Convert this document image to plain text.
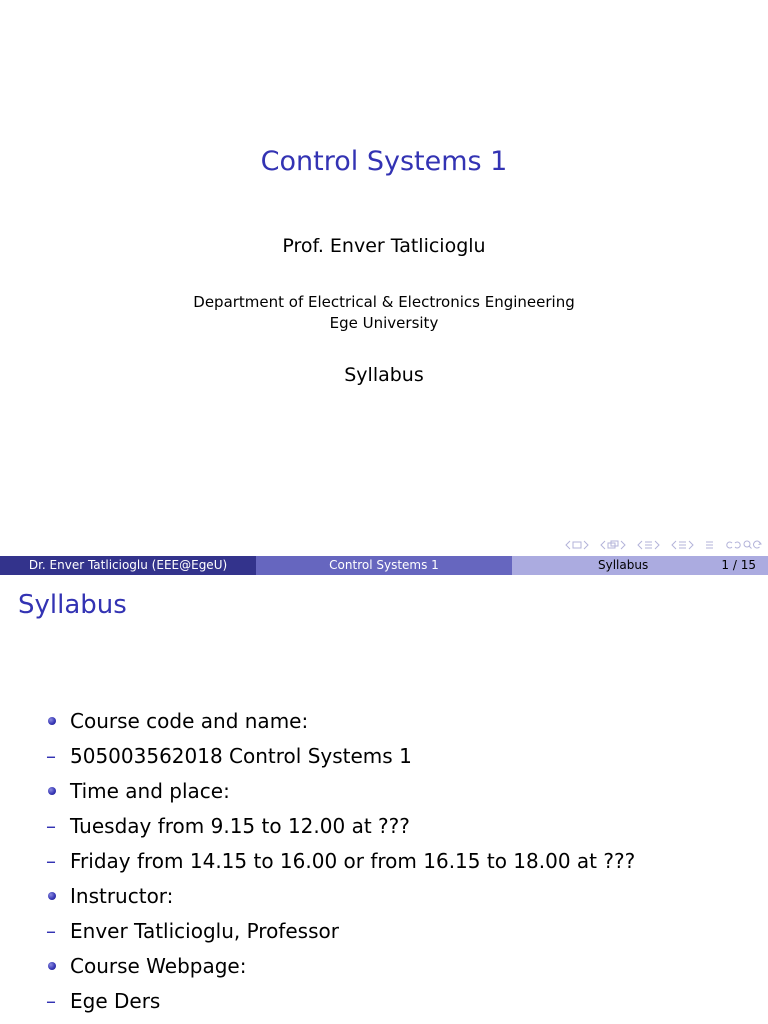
Control Systems 1
Prof. Enver Tatlicioglu
Department of Electrical & Electronics Engineering
Ege University
Syllabus
Dr. Enver Tatlicioglu (EEE@EgeU)	Control Systems 1	Syllabus	1 / 15
Syllabus
Course code and name:
– 505003562018 Control Systems 1
Time and place:
– Tuesday from 9.15 to 12.00 at ???
– Friday from 14.15 to 16.00 or from 16.15 to 18.00 at ???
Instructor:
– Enver Tatlicioglu, Professor
Course Webpage:
– Ege Ders
